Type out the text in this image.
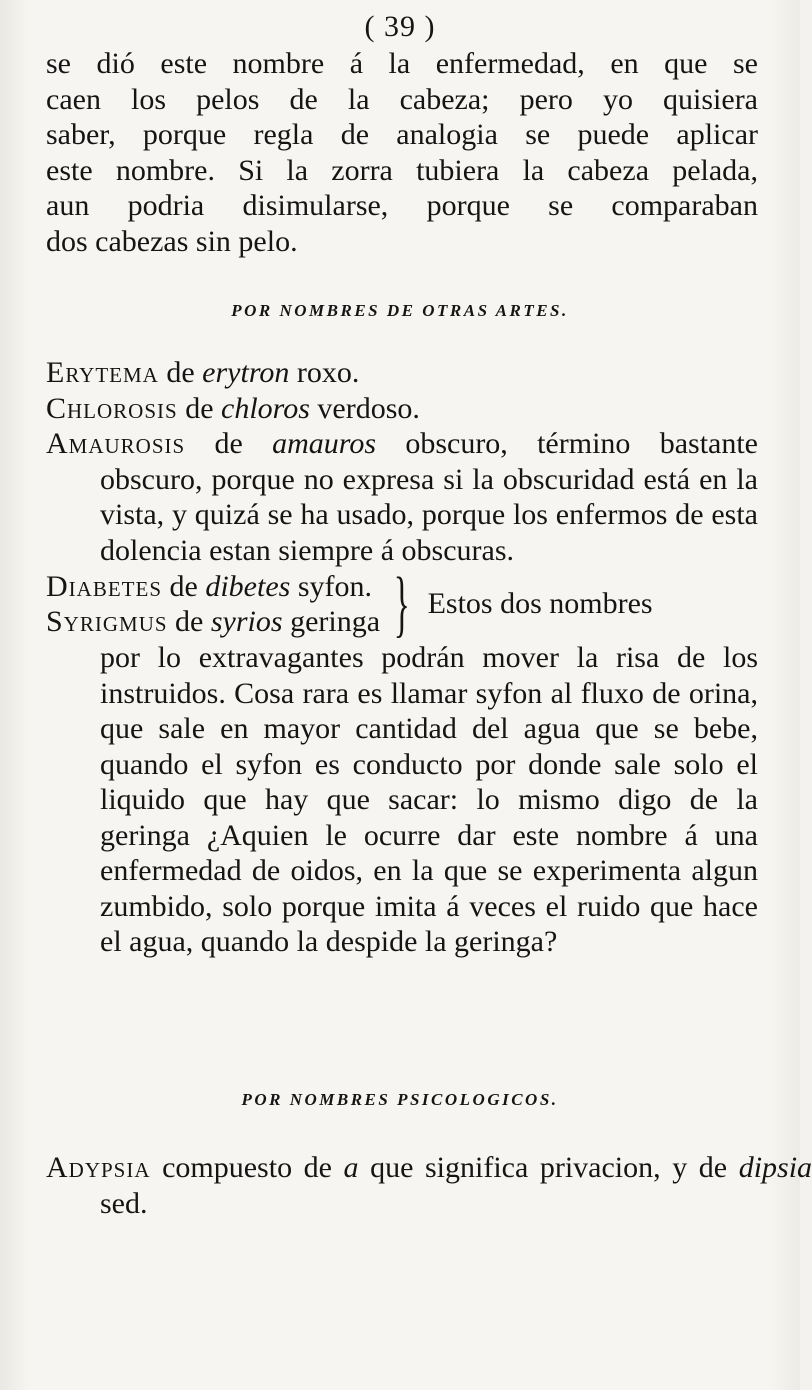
( 39 )
se dió este nombre á la enfermedad, en que se
caen los pelos de la cabeza; pero yo quisiera
saber, porque regla de analogia se puede aplicar
este nombre. Si la zorra tubiera la cabeza pelada,
aun podria disimularse, porque se comparaban
dos cabezas sin pelo.
POR NOMBRES DE OTRAS ARTES.
Erytema de erytron roxo.
Chlorosis de chloros verdoso.
Amaurosis de amauros obscuro, término bastante obscuro, porque no expresa si la obscuridad está en la vista, y quizá se ha usado, porque los enfermos de esta dolencia estan siempre á obscuras.
Diabetes de dibetes syfon.
Syrigmus de syrios geringa } Estos dos nombres
por lo extravagantes podrán mover la risa de los instruidos. Cosa rara es llamar syfon al fluxo de orina, que sale en mayor cantidad del agua que se bebe, quando el syfon es conducto por donde sale solo el liquido que hay que sacar: lo mismo digo de la geringa ¿Aquien le ocurre dar este nombre á una enfermedad de oidos, en la que se experimenta algun zumbido, solo porque imita á veces el ruido que hace el agua, quando la despide la geringa?
POR NOMBRES PSICOLOGICOS.
Adypsia compuesto de a que significa privacion, y de dipsia sed.
